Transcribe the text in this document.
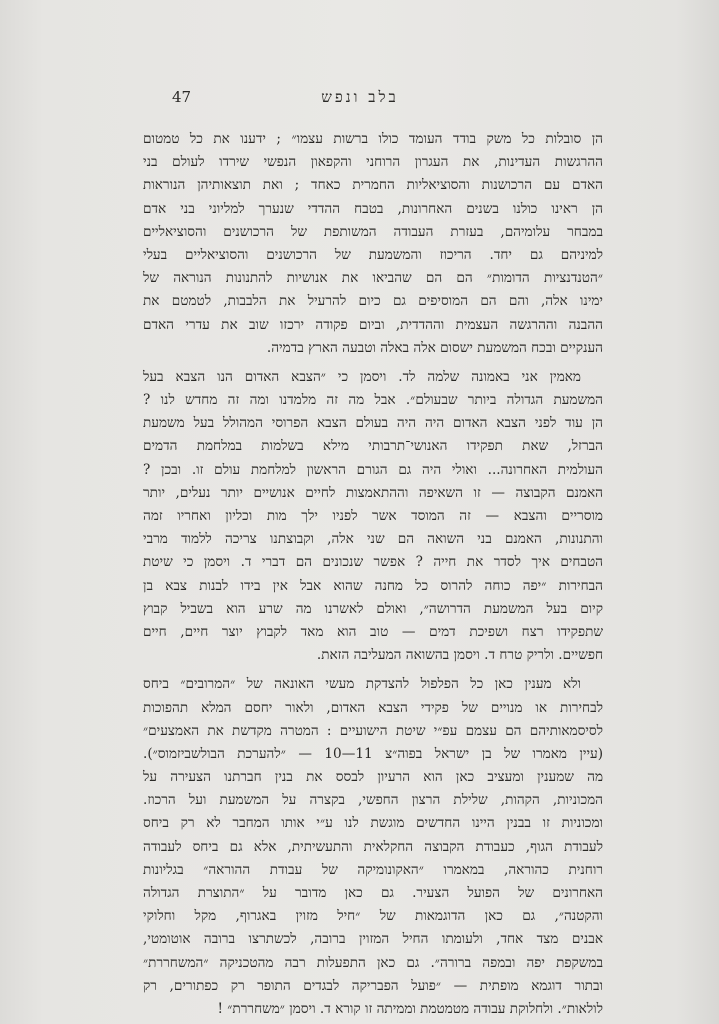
בלב ונפש
47
הן סובלות כל משק בודד העומד כולו ברשות עצמו״ ; ידענו את כל טמטום
ההרגשות העדינות, את העגרון הרוחני והקפאון הנפשי שירדו לעולם בני
האדם עם הרכושנות והסוציאליות החמרית כאחד ; ואת תוצאותיהן הנוראות
הן ראינו כולנו בשנים האחרונות, בטבח ההדדי שנערך למליוני בני אדם
במבחר עלומיהם, בעזרת העבודה המשותפת של הרכושנים והסוציאליים
למיניהם גם יחד. הריכוז והמשמעת של הרכושנים והסוציאליים בעלי
״הטנדנציות הדומות״ הם הם שהביאו את אנושיות להתנונות הנוראה של
ימינו אלה, והם הם המוסיפים גם כיום להרעיל את הלבבות, לטמטם את
ההבנה וההרגשה העצמית וההדדית, וביום פקודה ירכזו שוב את עדרי האדם
הענקיים ובכח המשמעת ישסום אלה באלה וטבעה הארץ בדמיה.
מאמין אני באמונה שלמה לד. ויסמן כי ״הצבא האדום הנו הצבא בעל
המשמעת הגדולה ביותר שבעולם״. אבל מה זה מלמדנו ומה זה מחדש לנו ?
הן עוד לפני הצבא האדום היה היה בעולם הצבא הפרוסי המהולל בעל משמעת
הברזל, שאת תפקידו האנושי־תרבותי מילא בשלמות במלחמת הדמים
העולמית האחרונה... ואולי היה גם הגורם הראשון למלחמת עולם זו. ובכן ?
האמנם הקבוצה — זו השאיפה וההתאמצות לחיים אנושיים יותר נעלים, יותר
מוסריים והצבא — זה המוסד אשר לפניו ילך מות וכליון ואחריו זמה
והתנונות, האמנם בני השואה הם שני אלה, וקבוצתנו צריכה ללמוד מרבי
הטבחים איך לסדר את חייה ? אפשר שנכונים הם דברי ד. ויסמן כי שיטת
הבחירות ״יפה כוחה להרוס כל מחנה שהוא אבל אין בידו לבנות צבא בן
קיום בעל המשמעת הדרושה״, ואולם לאשרנו מה שרע הוא בשביל קבוץ
שתפקידו רצח ושפיכת דמים — טוב הוא מאד לקבוץ יוצר חיים, חיים
חפשיים. ולריק טרח ד. ויסמן בהשואה המעליבה הזאת.
ולא מענין כאן כל הפלפול להצדקת מעשי האונאה של ״המרובים״ ביחס
לבחירות או מנויים של פקידי הצבא האדום, ולאור יחסם המלא תהפוכות
לסיסמאותיהם הם עצמם עפ״י שיטת הישועיים : המטרה מקדשת את האמצעים״
(עיין מאמרו של בן ישראל בפוה״צ 11—10 — ״להערכת הבולשביזמוס״).
מה שמענין ומעציב כאן הוא הרעיון לבסס את בנין חברתנו הצעירה על
המכוניות, הקהות, שלילת הרצון החפשי, בקצרה על המשמעת ועל הרכוז.
ומכוניות זו בבנין היינו החדשים מוגשת לנו ע״י אותו המחבר לא רק ביחס
לעבודת הגוף, כעבודת הקבוצה החקלאית והתעשיתית, אלא גם ביחס לעבודה
רוחנית כהוראה, במאמרו ״האקונומיקה של עבודת ההוראה״ בגליונות
האחרונים של הפועל הצעיר. גם כאן מדובר על ״התוצרת הגדולה
והקטנה״, גם כאן הדוגמאות של ״חיל מזוין באגרוף, מקל וחלוקי
אבנים מצד אחד, ולעומתו החיל המזוין ברובה, לכשתרצו ברובה אוטומטי,
במשקפת יפה ובמפה ברורה״. גם כאן התפעלות רבה מהטכניקה ״המשחררת״
ובתור דוגמא מופתית — ״פועל הפבריקה לבגדים התופר רק כפתורים, רק
לולאות״. ולחלוקת עבודה מטמטמת וממיתה זו קורא ד. ויסמן ״משחררת״ !
